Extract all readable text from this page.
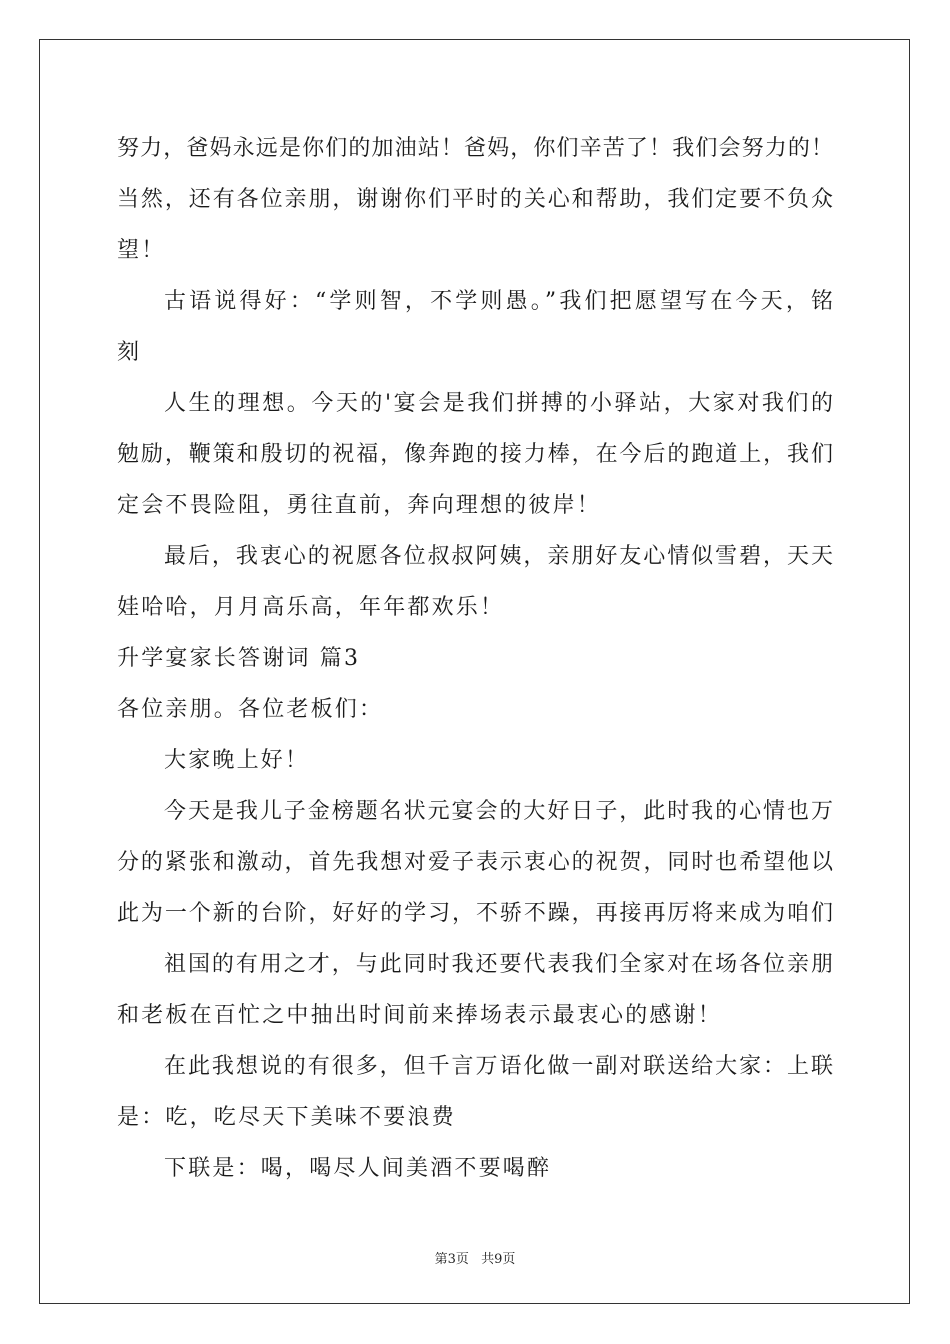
努力，爸妈永远是你们的加油站！爸妈，你们辛苦了！我们会努力的！
当然，还有各位亲朋，谢谢你们平时的关心和帮助，我们定要不负众
望！
古语说得好：“学则智，不学则愚。”我们把愿望写在今天，铭
刻
人生的理想。今天的'宴会是我们拼搏的小驿站，大家对我们的
勉励，鞭策和殷切的祝福，像奔跑的接力棒，在今后的跑道上，我们
定会不畏险阻，勇往直前，奔向理想的彼岸！
最后，我衷心的祝愿各位叔叔阿姨，亲朋好友心情似雪碧，天天
娃哈哈，月月高乐高，年年都欢乐！
升学宴家长答谢词 篇3
各位亲朋。各位老板们：
大家晚上好！
今天是我儿子金榜题名状元宴会的大好日子，此时我的心情也万
分的紧张和激动，首先我想对爱子表示衷心的祝贺，同时也希望他以
此为一个新的台阶，好好的学习，不骄不躁，再接再厉将来成为咱们
祖国的有用之才，与此同时我还要代表我们全家对在场各位亲朋
和老板在百忙之中抽出时间前来捧场表示最衷心的感谢！
在此我想说的有很多，但千言万语化做一副对联送给大家：上联
是：吃，吃尽天下美味不要浪费
下联是：喝，喝尽人间美酒不要喝醉
第3页 共9页
